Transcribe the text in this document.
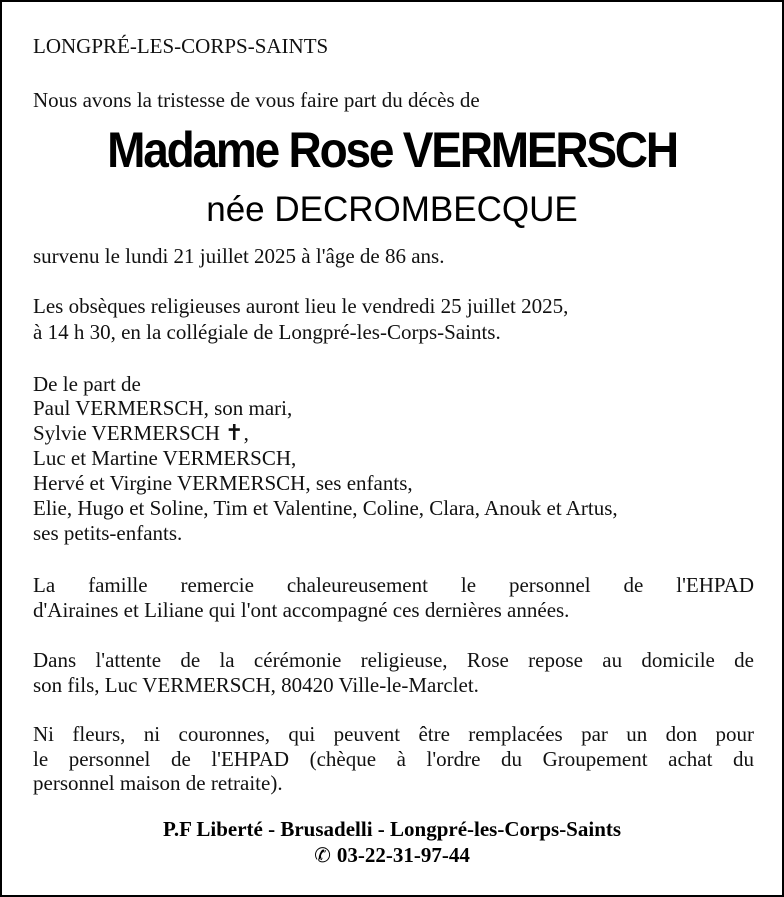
LONGPRÉ-LES-CORPS-SAINTS
Nous avons la tristesse de vous faire part du décès de
Madame Rose VERMERSCH
née DECROMBECQUE
survenu le lundi 21 juillet 2025 à l'âge de 86 ans.
Les obsèques religieuses auront lieu le vendredi 25 juillet 2025,
à 14 h 30, en la collégiale de Longpré-les-Corps-Saints.
De le part de
Paul VERMERSCH, son mari,
Sylvie VERMERSCH ✝,
Luc et Martine VERMERSCH,
Hervé et Virgine VERMERSCH, ses enfants,
Elie, Hugo et Soline, Tim et Valentine, Coline, Clara, Anouk et Artus,
ses petits-enfants.
La famille remercie chaleureusement le personnel de l'EHPAD
d'Airaines et Liliane qui l'ont accompagné ces dernières années.
Dans l'attente de la cérémonie religieuse, Rose repose au domicile de
son fils, Luc VERMERSCH, 80420 Ville-le-Marclet.
Ni fleurs, ni couronnes, qui peuvent être remplacées par un don pour
le personnel de l'EHPAD (chèque à l'ordre du Groupement achat du
personnel maison de retraite).
P.F Liberté - Brusadelli - Longpré-les-Corps-Saints
✆ 03-22-31-97-44
